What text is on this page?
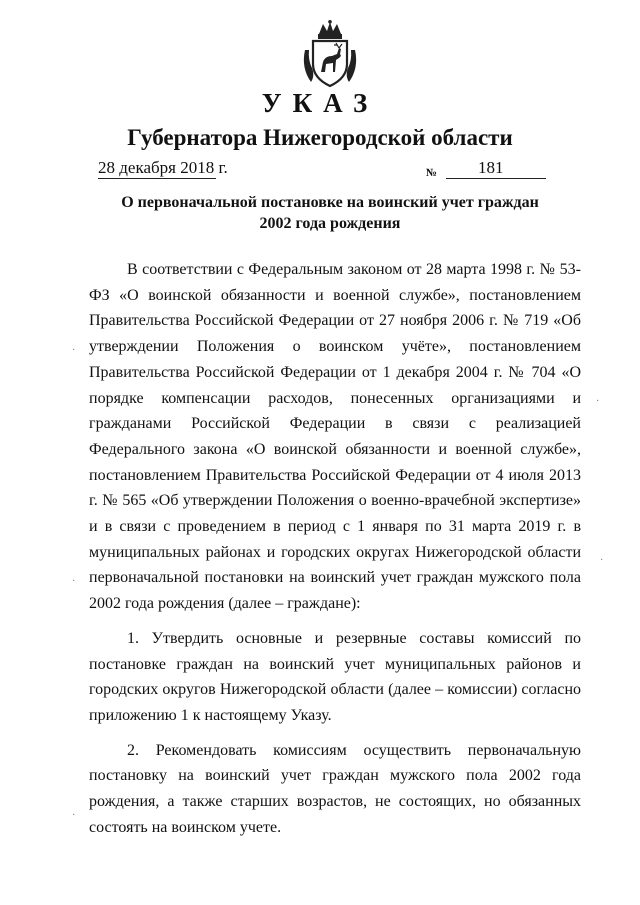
УКАЗ
Губернатора Нижегородской области
28 декабря 2018 г.	№ 181
О первоначальной постановке на воинский учет граждан
2002 года рождения

В соответствии с Федеральным законом от 28 марта 1998 г. № 53-ФЗ «О воинской обязанности и военной службе», постановлением Правительства Российской Федерации от 27 ноября 2006 г. № 719 «Об утверждении Положения о воинском учёте», постановлением Правительства Российской Федерации от 1 декабря 2004 г. № 704 «О порядке компенсации расходов, понесенных организациями и гражданами Российской Федерации в связи с реализацией Федерального закона «О воинской обязанности и военной службе», постановлением Правительства Российской Федерации от 4 июля 2013 г. № 565 «Об утверждении Положения о военно-врачебной экспертизе» и в связи с проведением в период с 1 января по 31 марта 2019 г. в муниципальных районах и городских округах Нижегородской области первоначальной постановки на воинский учет граждан мужского пола 2002 года рождения (далее – граждане):

1. Утвердить основные и резервные составы комиссий по постановке граждан на воинский учет муниципальных районов и городских округов Нижегородской области (далее – комиссии) согласно приложению 1 к настоящему Указу.

2. Рекомендовать комиссиям осуществить первоначальную постановку на воинский учет граждан мужского пола 2002 года рождения, а также старших возрастов, не состоящих, но обязанных состоять на воинском учете.

·
·
·
·
·
